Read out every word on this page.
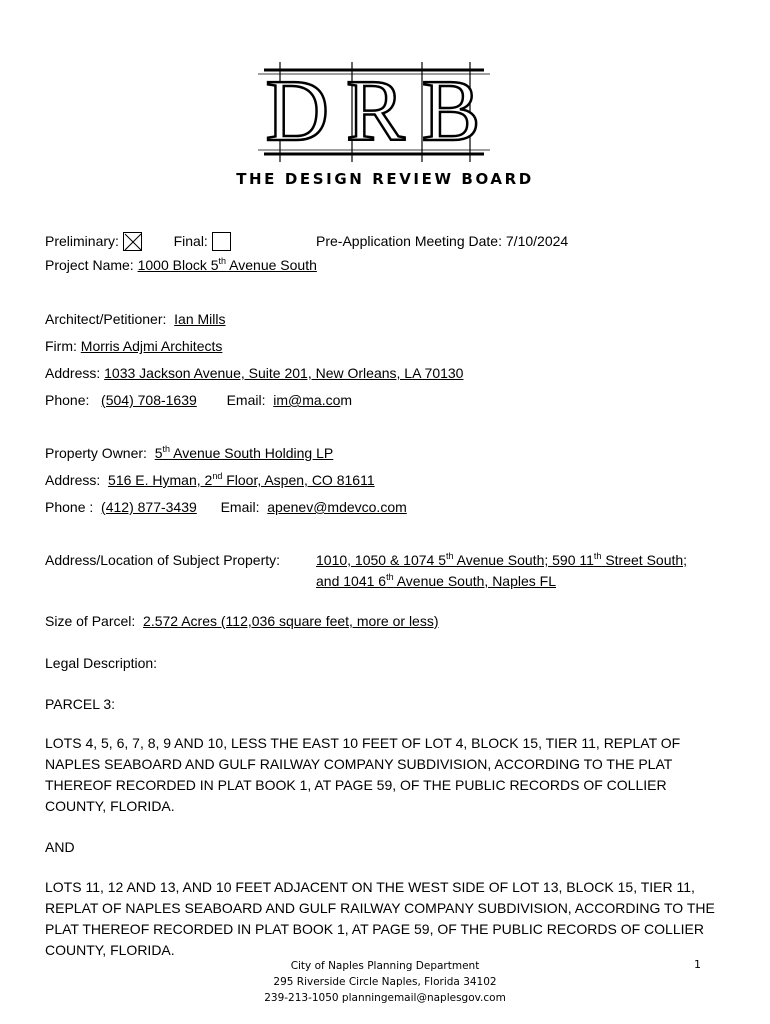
D R B
THE DESIGN REVIEW BOARD
Preliminary:	Final:	Pre-Application Meeting Date: 7/10/2024
Project Name: 1000 Block 5th Avenue South
Architect/Petitioner: Ian Mills
Firm: Morris Adjmi Architects
Address: 1033 Jackson Avenue, Suite 201, New Orleans, LA 70130
Phone: (504) 708-1639 Email: im@ma.com
Property Owner: 5th Avenue South Holding LP
Address: 516 E. Hyman, 2nd Floor, Aspen, CO 81611
Phone : (412) 877-3439 Email: apenev@mdevco.com
Address/Location of Subject Property:	1010, 1050 & 1074 5th Avenue South; 590 11th Street South;
and 1041 6th Avenue South, Naples FL
Size of Parcel: 2.572 Acres (112,036 square feet, more or less)
Legal Description:
PARCEL 3:
LOTS 4, 5, 6, 7, 8, 9 AND 10, LESS THE EAST 10 FEET OF LOT 4, BLOCK 15, TIER 11, REPLAT OF NAPLES SEABOARD AND GULF RAILWAY COMPANY SUBDIVISION, ACCORDING TO THE PLAT THEREOF RECORDED IN PLAT BOOK 1, AT PAGE 59, OF THE PUBLIC RECORDS OF COLLIER COUNTY, FLORIDA.
AND
LOTS 11, 12 AND 13, AND 10 FEET ADJACENT ON THE WEST SIDE OF LOT 13, BLOCK 15, TIER 11, REPLAT OF NAPLES SEABOARD AND GULF RAILWAY COMPANY SUBDIVISION, ACCORDING TO THE PLAT THEREOF RECORDED IN PLAT BOOK 1, AT PAGE 59, OF THE PUBLIC RECORDS OF COLLIER COUNTY, FLORIDA.
City of Naples Planning Department
295 Riverside Circle Naples, Florida 34102
239-213-1050 planningemail@naplesgov.com
1
